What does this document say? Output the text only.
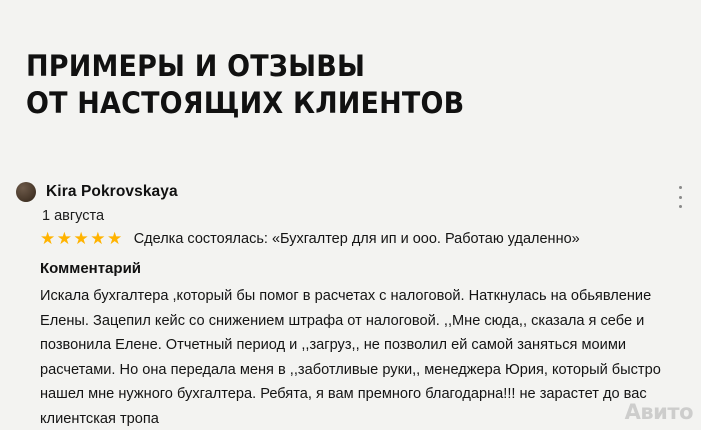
ПРИМЕРЫ И ОТЗЫВЫ
ОТ НАСТОЯЩИХ КЛИЕНТОВ
Kira Pokrovskaya
1 августа
★★★★★ Сделка состоялась: «Бухгалтер для ип и ооо. Работаю удаленно»
Комментарий
Искала бухгалтера ,который бы помог в расчетах с налоговой. Наткнулась на обьявление Елены. Зацепил кейс со снижением штрафа от налоговой. ,,Мне сюда,, сказала я себе и позвонила Елене. Отчетный период и ,,загруз,, не позволил ей самой заняться моими расчетами. Но она передала меня в ,,заботливые руки,, менеджера Юрия, который быстро нашел мне нужного бухгалтера. Ребята, я вам премного благодарна!!! не зарастет до вас клиентская тропа	Авито
